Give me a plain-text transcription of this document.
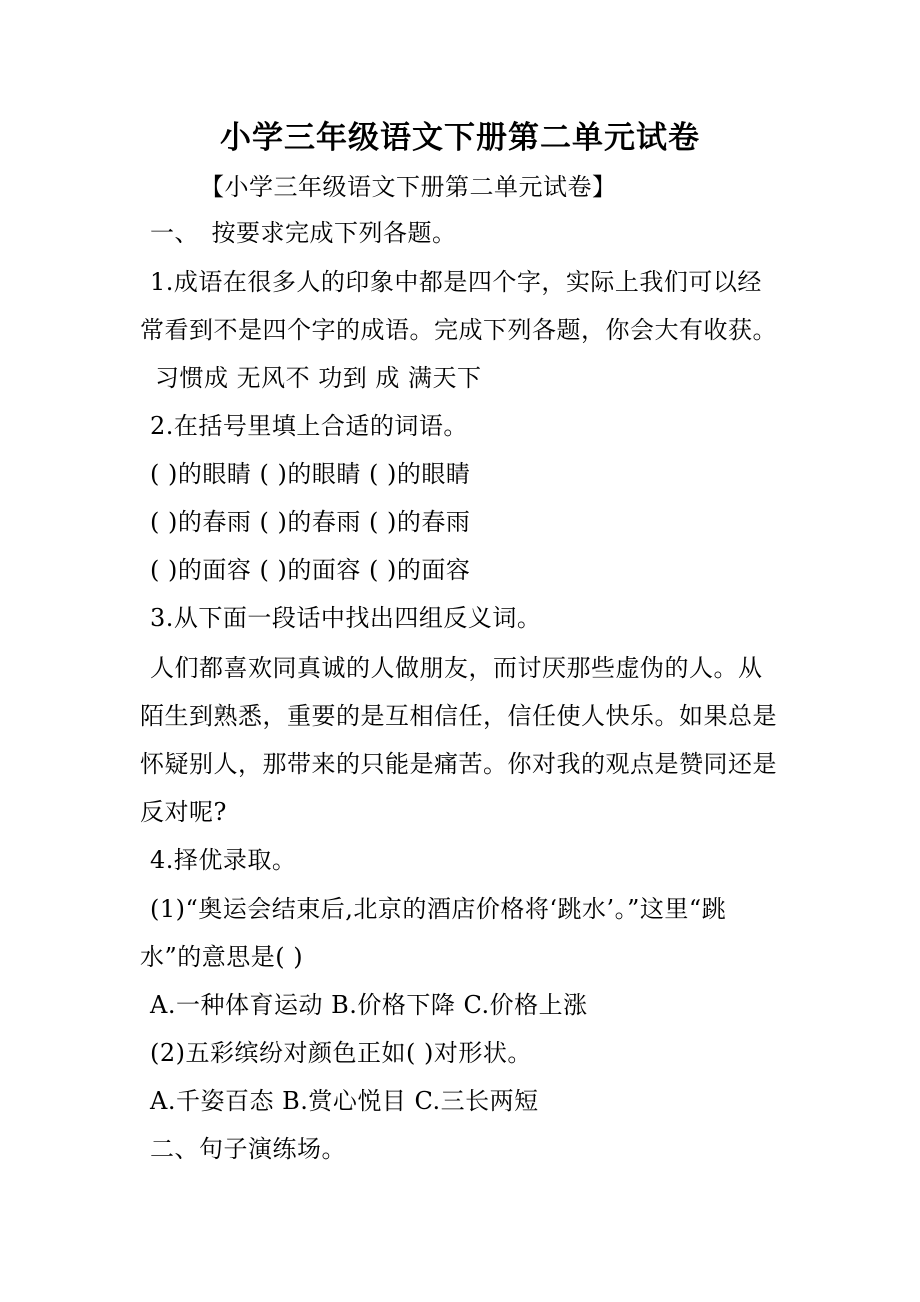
小学三年级语文下册第二单元试卷
【小学三年级语文下册第二单元试卷】
一、　按要求完成下列各题。
1.成语在很多人的印象中都是四个字，实际上我们可以经
常看到不是四个字的成语。完成下列各题，你会大有收获。
习惯成 无风不 功到 成 满天下
2.在括号里填上合适的词语。
( )的眼睛 ( )的眼睛 ( )的眼睛
( )的春雨 ( )的春雨 ( )的春雨
( )的面容 ( )的面容 ( )的面容
3.从下面一段话中找出四组反义词。
人们都喜欢同真诚的人做朋友，而讨厌那些虚伪的人。从
陌生到熟悉，重要的是互相信任，信任使人快乐。如果总是
怀疑别人，那带来的只能是痛苦。你对我的观点是赞同还是
反对呢?
4.择优录取。
(1)“奥运会结束后,北京的酒店价格将‘跳水’。”这里“跳
水”的意思是( )
A.一种体育运动 B.价格下降 C.价格上涨
(2)五彩缤纷对颜色正如( )对形状。
A.千姿百态 B.赏心悦目 C.三长两短
二、句子演练场。
